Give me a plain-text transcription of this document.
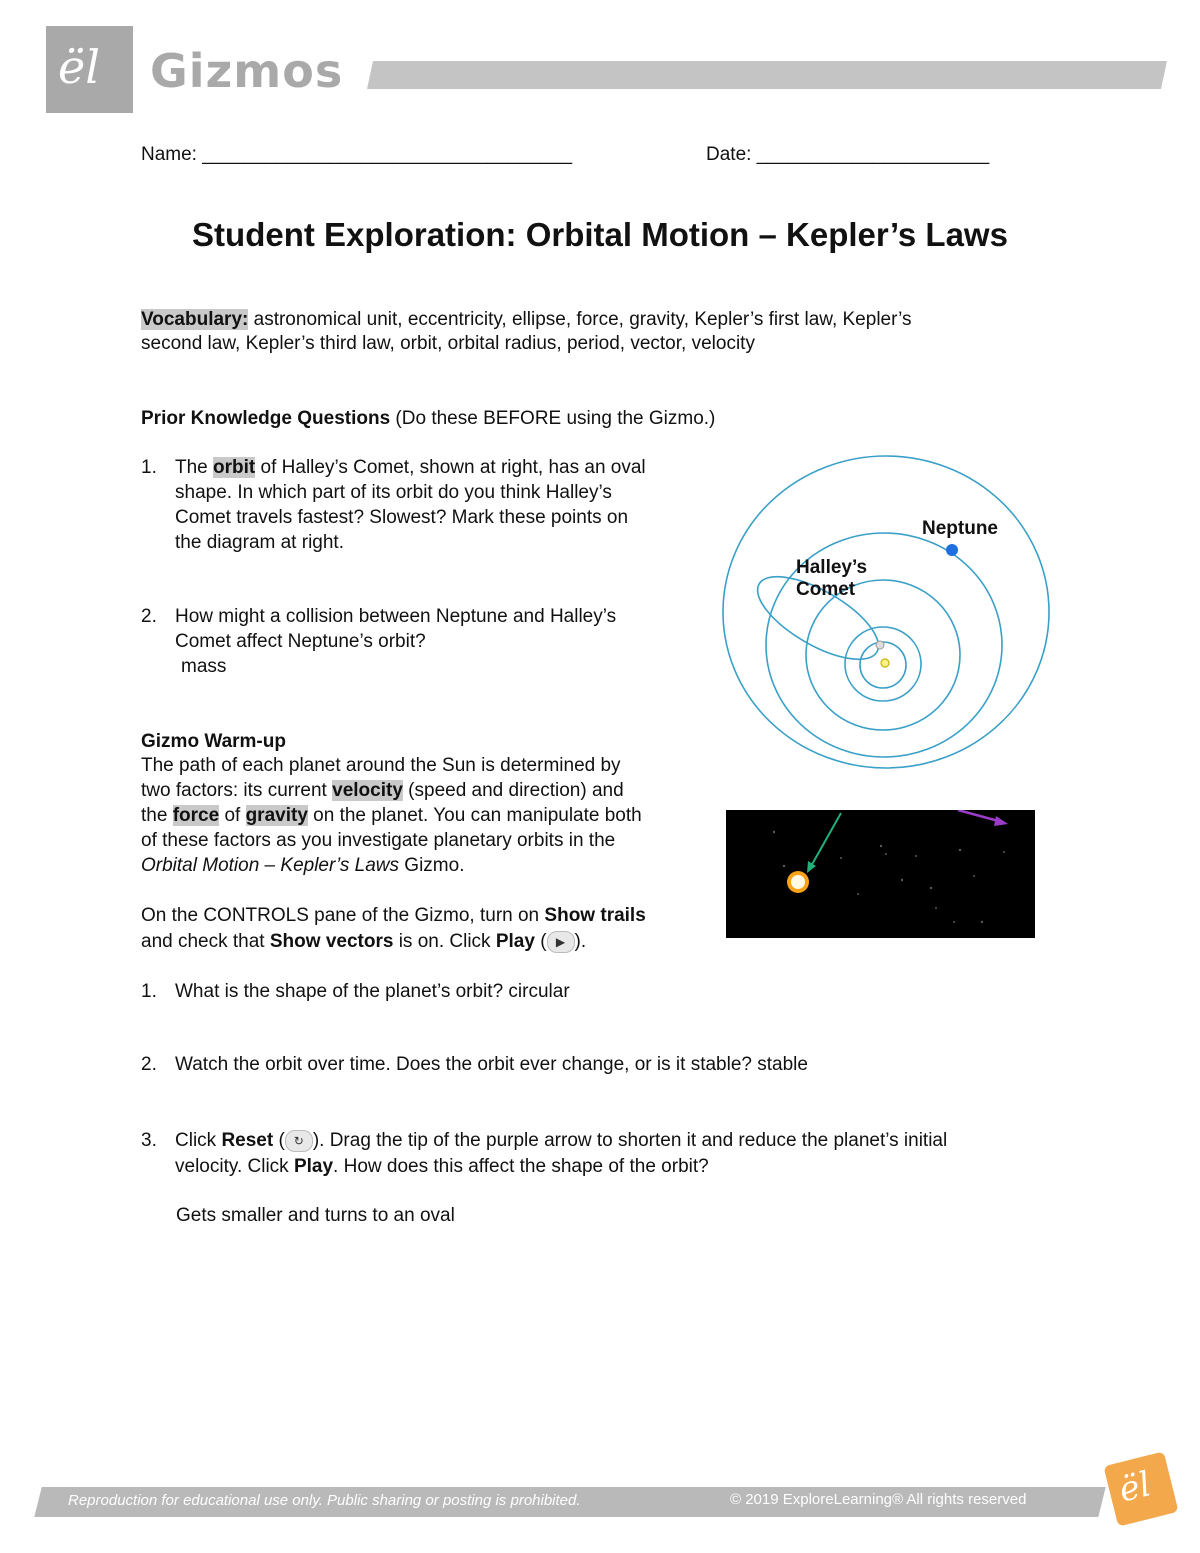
ël Gizmos
Name: ___________________________________	Date: ______________________
Student Exploration: Orbital Motion – Kepler’s Laws
Vocabulary: astronomical unit, eccentricity, ellipse, force, gravity, Kepler’s first law, Kepler’s
second law, Kepler’s third law, orbit, orbital radius, period, vector, velocity
Prior Knowledge Questions (Do these BEFORE using the Gizmo.)
1. The orbit of Halley’s Comet, shown at right, has an oval
shape. In which part of its orbit do you think Halley’s
Comet travels fastest? Slowest? Mark these points on
the diagram at right.
2. How might a collision between Neptune and Halley’s
Comet affect Neptune’s orbit?
mass
Neptune
Halley’s
Comet
Gizmo Warm-up
The path of each planet around the Sun is determined by
two factors: its current velocity (speed and direction) and
the force of gravity on the planet. You can manipulate both
of these factors as you investigate planetary orbits in the
Orbital Motion – Kepler’s Laws Gizmo.
On the CONTROLS pane of the Gizmo, turn on Show trails
and check that Show vectors is on. Click Play ( ▶ ).
1. What is the shape of the planet’s orbit? circular
2. Watch the orbit over time. Does the orbit ever change, or is it stable? stable
3. Click Reset ( ↻ ). Drag the tip of the purple arrow to shorten it and reduce the planet’s initial
velocity. Click Play. How does this affect the shape of the orbit?
Gets smaller and turns to an oval
Reproduction for educational use only. Public sharing or posting is prohibited.	© 2019 ExploreLearning® All rights reserved	ël
